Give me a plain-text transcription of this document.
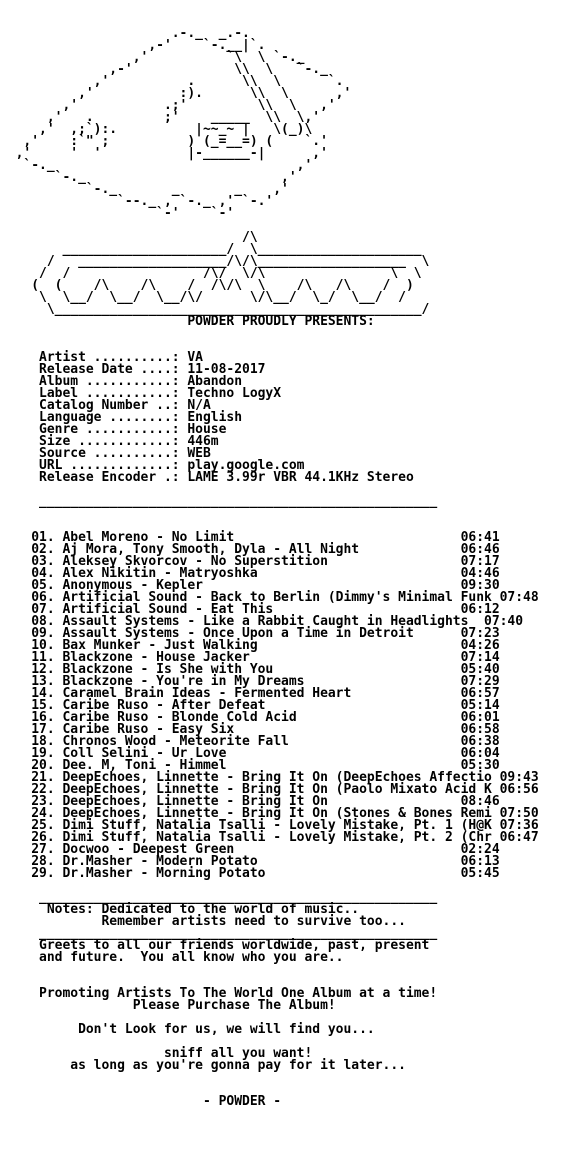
.-._  _.-.
,-'    `-.__|`.
,'          `\  \ `-._
,-'             \\  \   `-._
,'          .      \\  \      `.
,'           :).      \\  \      ,'
,'           .;'         \\  \   ,'
,'   .         ;'    _____  \\  \,'
,'  ,;`):.          |~~_~ |   \(_)\
,'    :`" ;          ) (_=__=) (    `.'
,'     '  '           |-______-|      ,'
`-._                               ,'
`-._                         ,'
`-._       _       _    ,'
`--._ , `-._ ,' `-.'
`-'    `-'
/\
_____________________/  \_____________________
/   ___________________/\/\___________________  \
/  /                 /\/  \/\                \  \
(  (    /\    /\    /  /\/\  \    /\   /\    /  )
\  \__/  \__/  \__/\/      \/\__/  \_/  \__/  /
\_______________________________________________/
POWDER PROUDLY PRESENTS:
Artist ..........: VA
Release Date ....: 11-08-2017
Album ...........: Abandon
Label ...........: Techno LogyX
Catalog Number ..: N/A
Language ........: English
Genre ...........: House
Size ............: 446m
Source ..........: WEB
URL .............: play.google.com
Release Encoder .: LAME 3.99r VBR 44.1KHz Stereo
___________________________________________________
01. Abel Moreno - No Limit                             06:41
02. Aj Mora, Tony Smooth, Dyla - All Night             06:46
03. Aleksey Skvorcov - No Superstition                 07:17
04. Alex Nikitin - Matryoshka                          04:46
05. Anonymous - Kepler                                 09:30
06. Artificial Sound - Back to Berlin (Dimmy's Minimal Funk 07:48
07. Artificial Sound - Eat This                        06:12
08. Assault Systems - Like a Rabbit Caught in Headlights  07:40
09. Assault Systems - Once Upon a Time in Detroit      07:23
10. Bax Munker - Just Walking                          04:26
11. Blackzone - House Jacker                           07:14
12. Blackzone - Is She with You                        05:40
13. Blackzone - You're in My Dreams                    07:29
14. Caramel Brain Ideas - Fermented Heart              06:57
15. Caribe Ruso - After Defeat                         05:14
16. Caribe Ruso - Blonde Cold Acid                     06:01
17. Caribe Ruso - Easy Six                             06:58
18. Chronos Wood - Meteorite Fall                      06:38
19. Coll Selini - Ur Love                              06:04
20. Dee. M, Toni - Himmel                              05:30
21. DeepEchoes, Linnette - Bring It On (DeepEchoes Affectio 09:43
22. DeepEchoes, Linnette - Bring It On (Paolo Mixato Acid K 06:56
23. DeepEchoes, Linnette - Bring It On                 08:46
24. DeepEchoes, Linnette - Bring It On (Stones & Bones Remi 07:50
25. Dimi Stuff, Natalia Tsalli - Lovely Mistake, Pt. 1 (H@K 07:36
26. Dimi Stuff, Natalia Tsalli - Lovely Mistake, Pt. 2 (Chr 06:47
27. Docwoo - Deepest Green                             02:24
28. Dr.Masher - Modern Potato                          06:13
29. Dr.Masher - Morning Potato                         05:45
___________________________________________________
Notes: Dedicated to the world of music..
Remember artists need to survive too...
___________________________________________________
Greets to all our friends worldwide, past, present
and future.  You all know who you are..
Promoting Artists To The World One Album at a time!
Please Purchase The Album!
Don't Look for us, we will find you...
sniff all you want!
as long as you're gonna pay for it later...
- POWDER -
